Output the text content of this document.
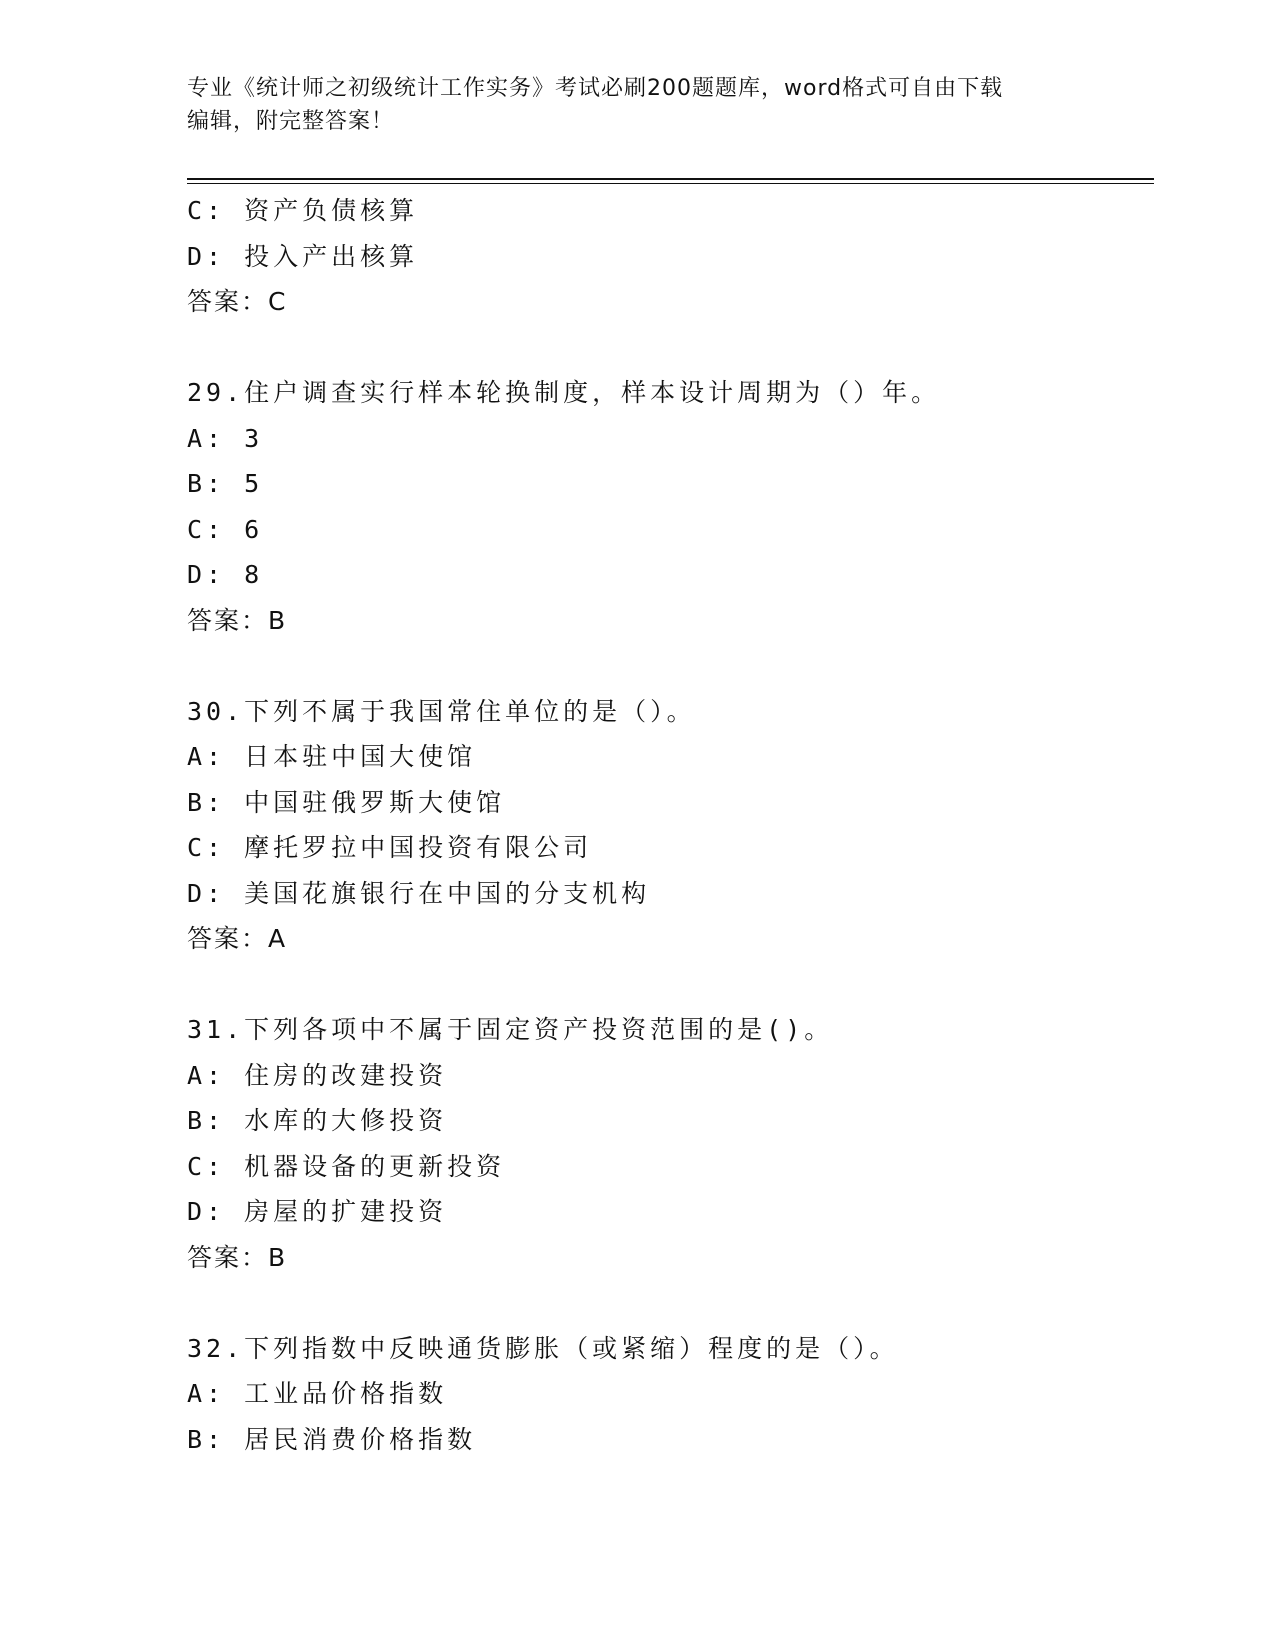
专业《统计师之初级统计工作实务》考试必刷200题题库，word格式可自由下载
编辑，附完整答案！
C: 资产负债核算
D: 投入产出核算
答案：C
29.住户调查实行样本轮换制度，样本设计周期为（）年。
A: 3
B: 5
C: 6
D: 8
答案：B
30.下列不属于我国常住单位的是（）。
A: 日本驻中国大使馆
B: 中国驻俄罗斯大使馆
C: 摩托罗拉中国投资有限公司
D: 美国花旗银行在中国的分支机构
答案：A
31.下列各项中不属于固定资产投资范围的是()。
A: 住房的改建投资
B: 水库的大修投资
C: 机器设备的更新投资
D: 房屋的扩建投资
答案：B
32.下列指数中反映通货膨胀（或紧缩）程度的是（）。
A: 工业品价格指数
B: 居民消费价格指数
